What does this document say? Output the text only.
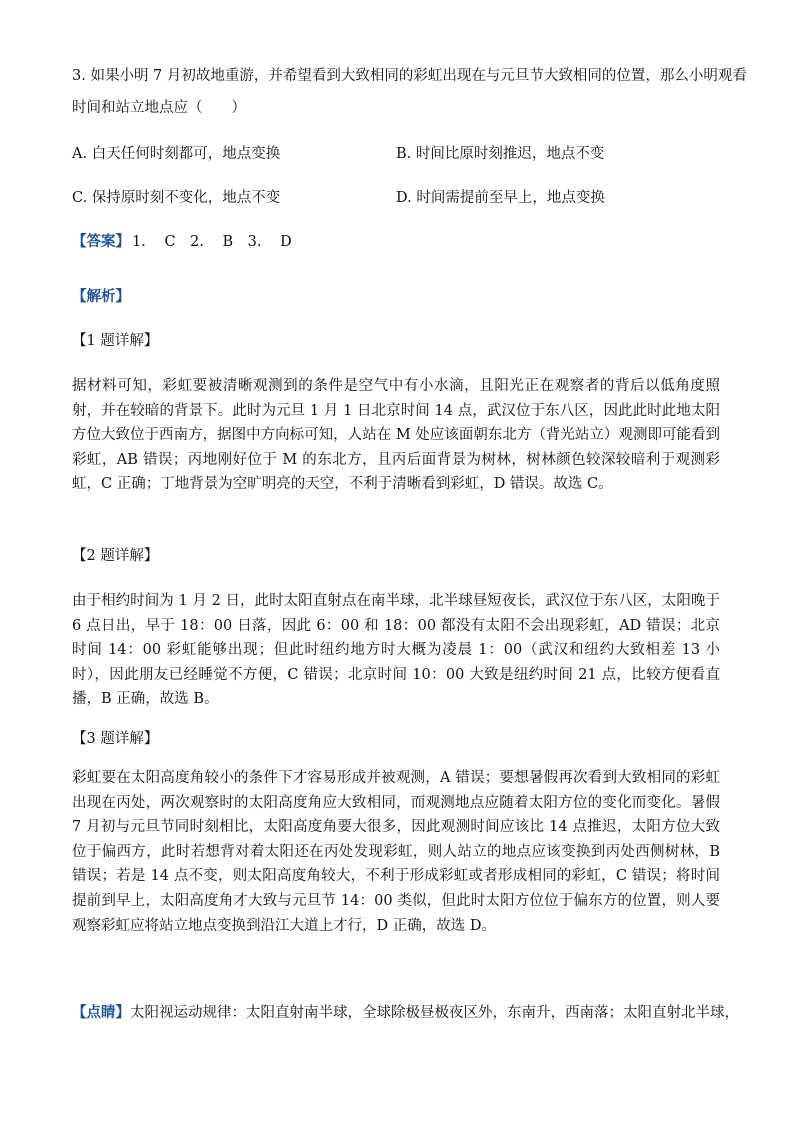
3. 如果小明 7 月初故地重游，并希望看到大致相同的彩虹出现在与元旦节大致相同的位置，那么小明观看
时间和站立地点应（　　）
A. 白天任何时刻都可，地点变换	B. 时间比原时刻推迟，地点不变
C. 保持原时刻不变化，地点不变	D. 时间需提前至早上，地点变换
【答案】 1. C　2. B　3. D
【解析】
【1 题详解】
据材料可知，彩虹要被清晰观测到的条件是空气中有小水滴，且阳光正在观察者的背后以低角度照射，并在较暗的背景下。此时为元旦 1 月 1 日北京时间 14 点，武汉位于东八区，因此此时此地太阳方位大致位于西南方，据图中方向标可知，人站在 M 处应该面朝东北方（背光站立）观测即可能看到彩虹，AB 错误；丙地刚好位于 M 的东北方，且丙后面背景为树林，树林颜色较深较暗利于观测彩虹，C 正确；丁地背景为空旷明亮的天空，不利于清晰看到彩虹，D 错误。故选 C。
【2 题详解】
由于相约时间为 1 月 2 日，此时太阳直射点在南半球，北半球昼短夜长，武汉位于东八区，太阳晚于 6 点日出，早于 18：00 日落，因此 6：00 和 18：00 都没有太阳不会出现彩虹，AD 错误；北京时间 14：00 彩虹能够出现；但此时纽约地方时大概为凌晨 1：00（武汉和纽约大致相差 13 小时），因此朋友已经睡觉不方便，C 错误；北京时间 10：00 大致是纽约时间 21 点，比较方便看直播，B 正确，故选 B。
【3 题详解】
彩虹要在太阳高度角较小的条件下才容易形成并被观测，A 错误；要想暑假再次看到大致相同的彩虹出现在丙处，两次观察时的太阳高度角应大致相同，而观测地点应随着太阳方位的变化而变化。暑假 7 月初与元旦节同时刻相比，太阳高度角要大很多，因此观测时间应该比 14 点推迟，太阳方位大致位于偏西方，此时若想背对着太阳还在丙处发现彩虹，则人站立的地点应该变换到丙处西侧树林，B 错误；若是 14 点不变，则太阳高度角较大，不利于形成彩虹或者形成相同的彩虹，C 错误；将时间提前到早上，太阳高度角才大致与元旦节 14：00 类似，但此时太阳方位位于偏东方的位置，则人要观察彩虹应将站立地点变换到沿江大道上才行，D 正确，故选 D。
【点睛】太阳视运动规律：太阳直射南半球，全球除极昼极夜区外，东南升，西南落；太阳直射北半球，
